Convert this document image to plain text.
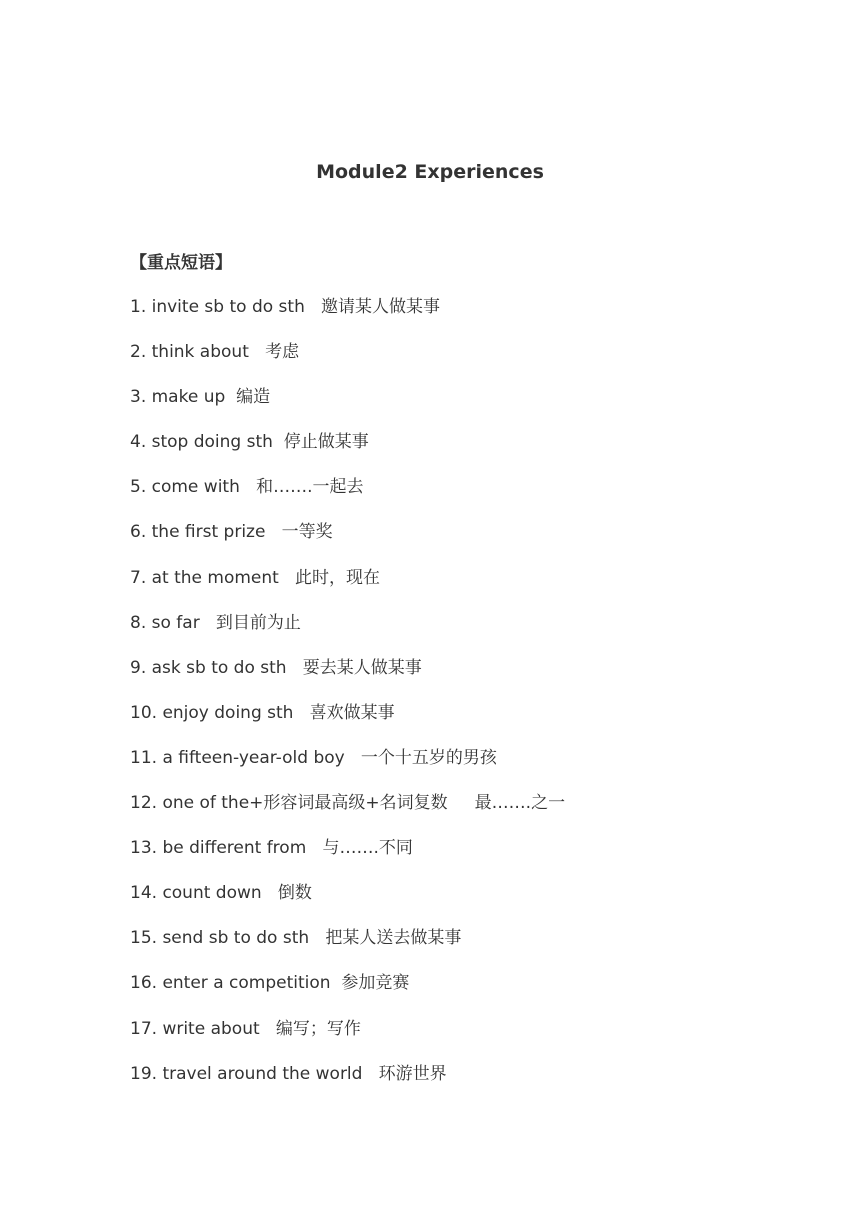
Module2 Experiences
【重点短语】
1. invite sb to do sth   邀请某人做某事
2. think about   考虑
3. make up  编造
4. stop doing sth  停止做某事
5. come with   和…….一起去
6. the first prize   一等奖
7. at the moment   此时，现在
8. so far   到目前为止
9. ask sb to do sth   要去某人做某事
10. enjoy doing sth   喜欢做某事
11. a fifteen-year-old boy   一个十五岁的男孩
12. one of the+形容词最高级+名词复数     最…….之一
13. be different from   与…….不同
14. count down   倒数
15. send sb to do sth   把某人送去做某事
16. enter a competition  参加竞赛
17. write about   编写；写作
19. travel around the world   环游世界
